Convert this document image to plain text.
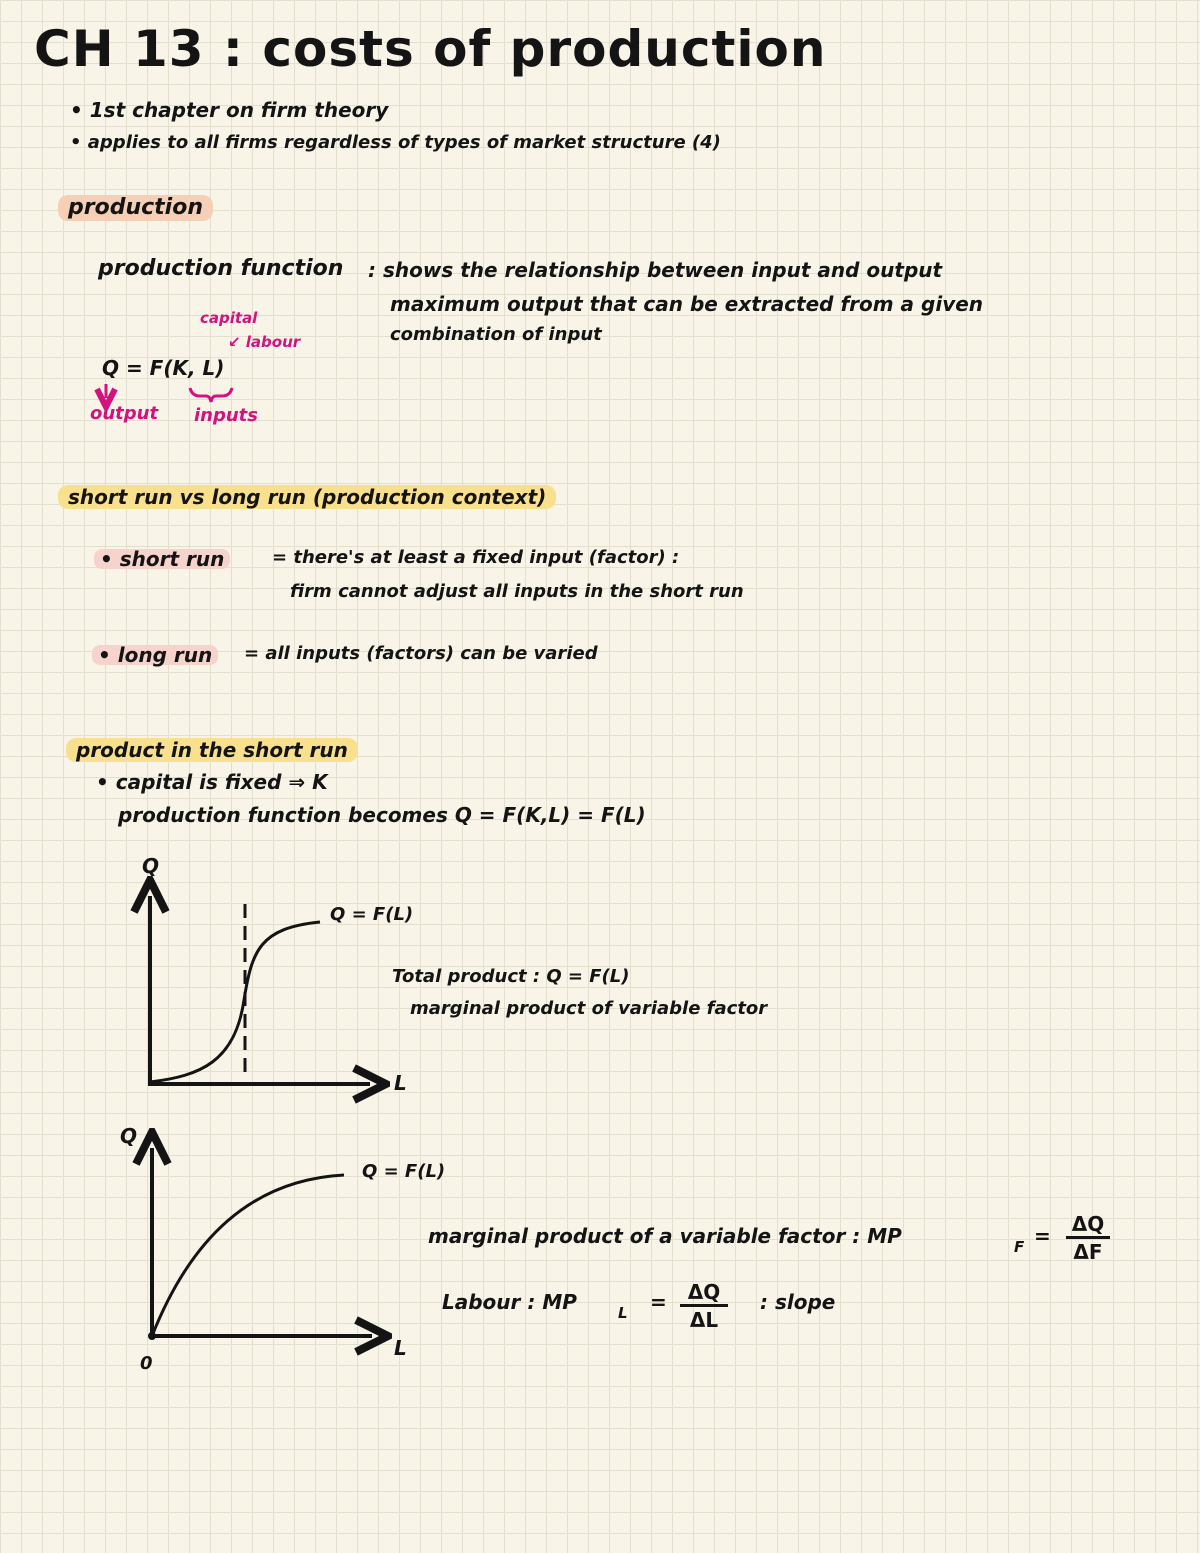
CH 13 : costs of production
• 1st chapter on firm theory
• applies to all firms regardless of types of market structure (4)
production
production function : shows the relationship between input and output
maximum output that can be extracted from a given
combination of input
capital
↙ labour
Q = F(K, L)
output inputs
short run vs long run (production context)
• short run	= there's at least a fixed input (factor) :
firm cannot adjust all inputs in the short run
• long run	= all inputs (factors) can be varied
product in the short run
• capital is fixed ⇒ K
production function becomes Q = F(K,L) = F(L)
Q
L
Q = F(L)
Total product : Q = F(L)
marginal product of variable factor
Q
L
0
Q = F(L)
marginal product of a variable factor : MP	$F = \frac{\Delta Q}{\Delta F}$
Labour : MP	$L = \frac{\Delta Q}{\Delta L}$ : slope
